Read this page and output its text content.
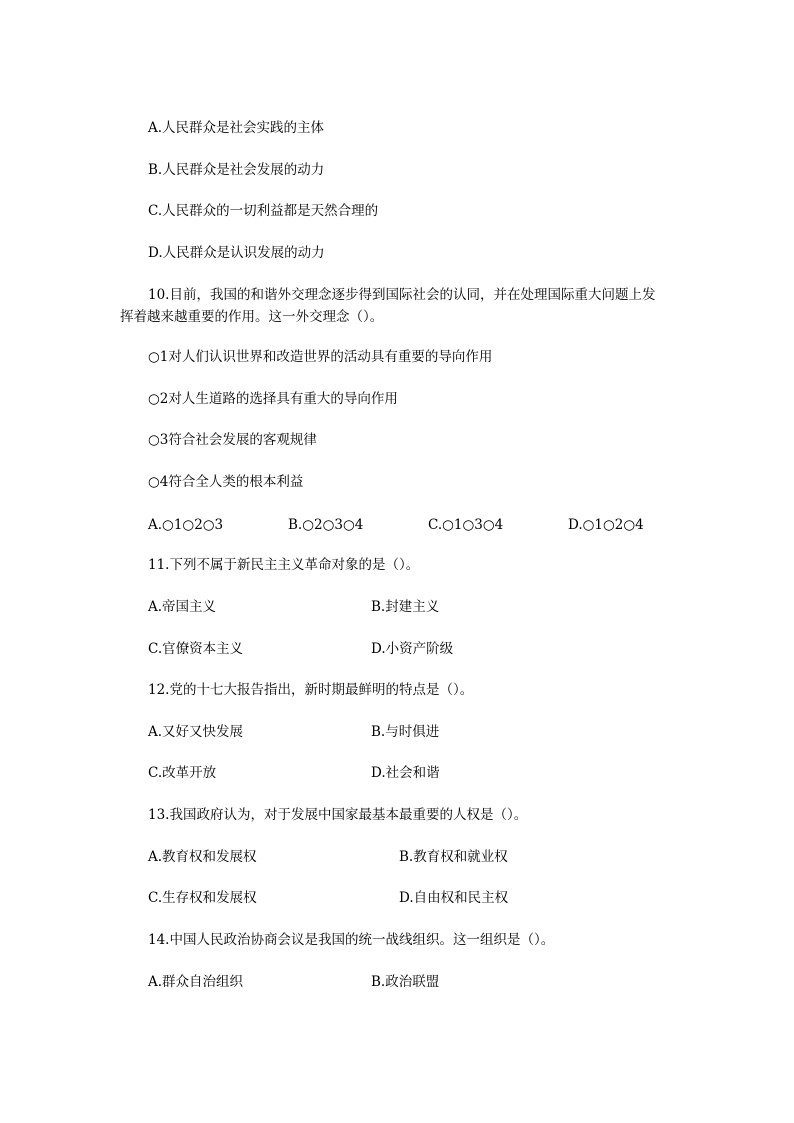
A.人民群众是社会实践的主体
B.人民群众是社会发展的动力
C.人民群众的一切利益都是天然合理的
D.人民群众是认识发展的动力
10.目前，我国的和谐外交理念逐步得到国际社会的认同，并在处理国际重大问题上发挥着越来越重要的作用。这一外交理念（）。
○1对人们认识世界和改造世界的活动具有重要的导向作用
○2对人生道路的选择具有重大的导向作用
○3符合社会发展的客观规律
○4符合全人类的根本利益
A.○1○2○3	B.○2○3○4	C.○1○3○4	D.○1○2○4
11.下列不属于新民主主义革命对象的是（）。
A.帝国主义	B.封建主义
C.官僚资本主义	D.小资产阶级
12.党的十七大报告指出，新时期最鲜明的特点是（）。
A.又好又快发展	B.与时俱进
C.改革开放	D.社会和谐
13.我国政府认为，对于发展中国家最基本最重要的人权是（）。
A.教育权和发展权	B.教育权和就业权
C.生存权和发展权	D.自由权和民主权
14.中国人民政治协商会议是我国的统一战线组织。这一组织是（）。
A.群众自治组织	B.政治联盟
